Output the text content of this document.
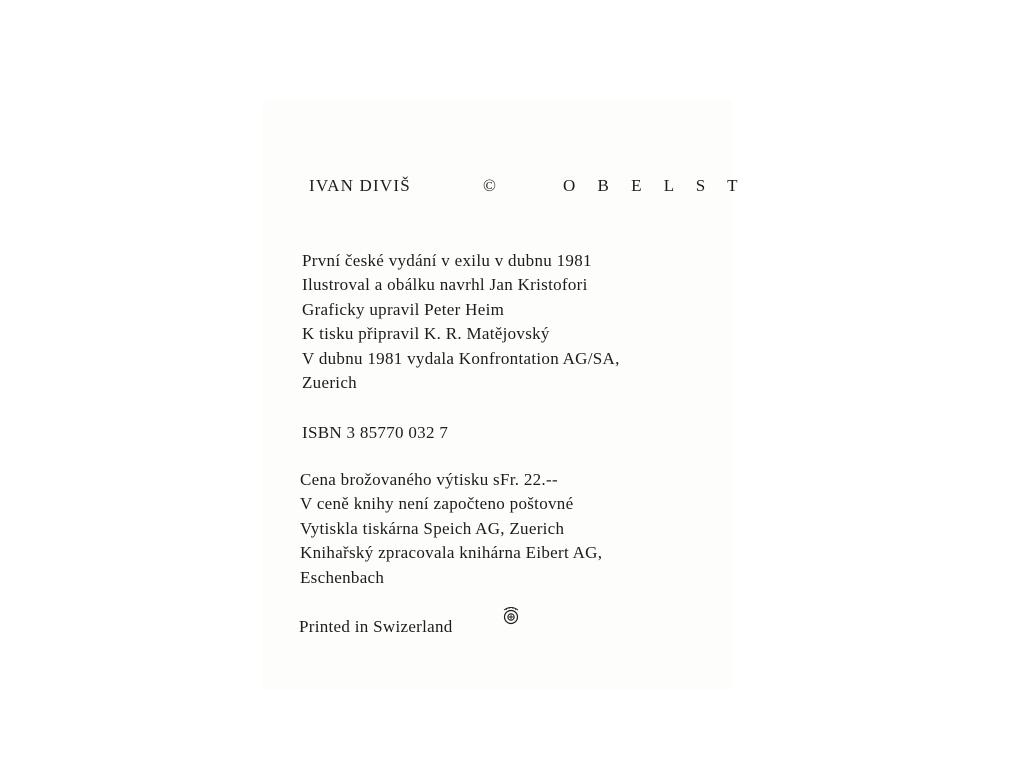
IVAN DIVIŠ	©	O B E L S T
První české vydání v exilu v dubnu 1981
Ilustroval a obálku navrhl Jan Kristofori
Graficky upravil Peter Heim
K tisku připravil K. R. Matějovský
V dubnu 1981 vydala Konfrontation AG/SA,
Zuerich
ISBN 3 85770 032 7
Cena brožovaného výtisku sFr. 22.--
V ceně knihy není započteno poštovné
Vytiskla tiskárna Speich AG, Zuerich
Knihařský zpracovala knihárna Eibert AG,
Eschenbach
Printed in Swizerland
